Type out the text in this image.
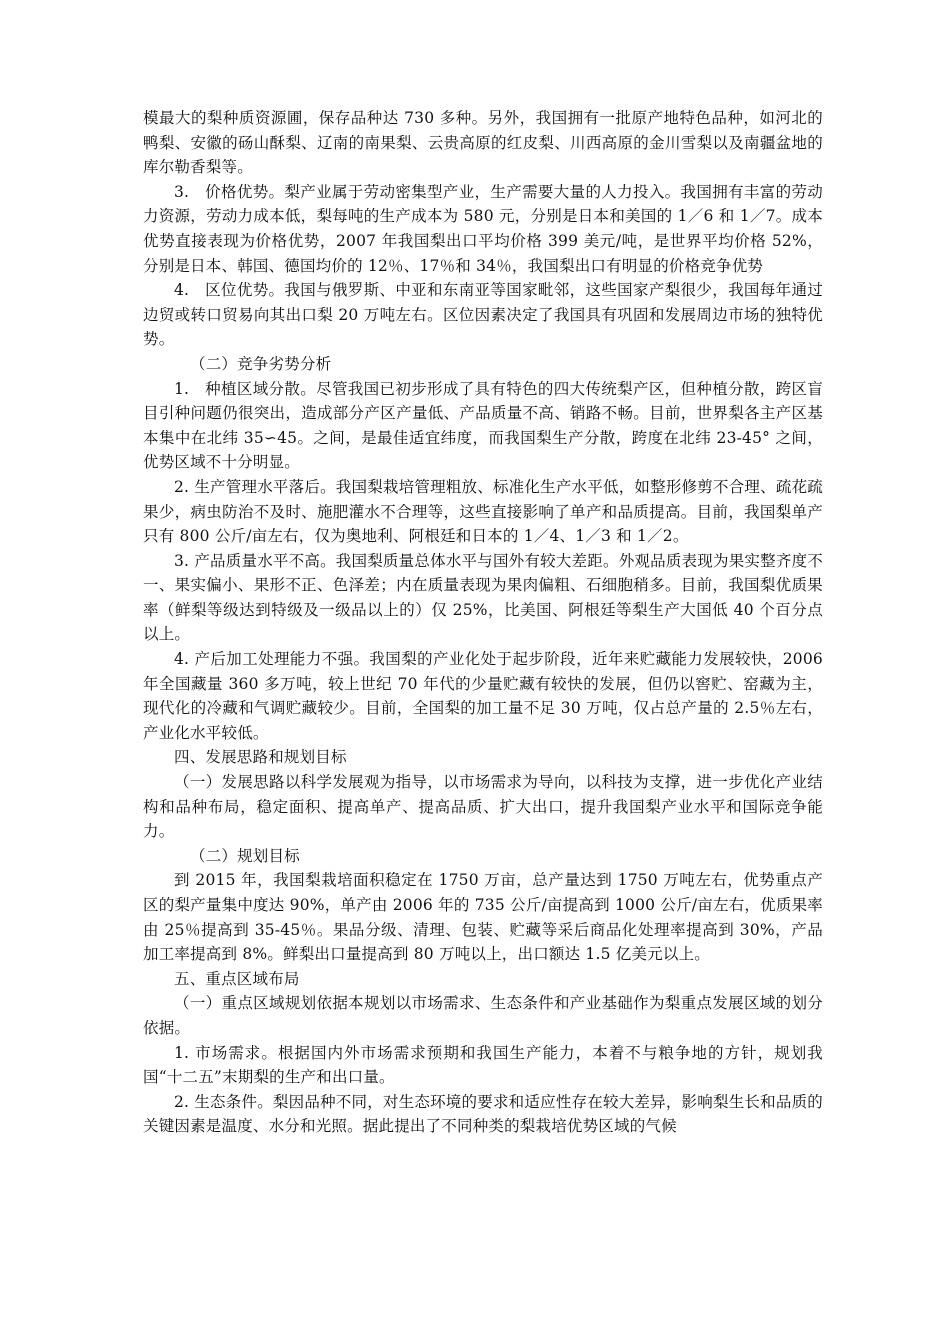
模最大的梨种质资源圃，保存品种达 730 多种。另外，我国拥有一批原产地特色品种，如河北的鸭梨、安徽的砀山酥梨、辽南的南果梨、云贵高原的红皮梨、川西高原的金川雪梨以及南疆盆地的库尔勒香梨等。

3.　价格优势。梨产业属于劳动密集型产业，生产需要大量的人力投入。我国拥有丰富的劳动力资源，劳动力成本低，梨每吨的生产成本为 580 元，分别是日本和美国的 1／6 和 1／7。成本优势直接表现为价格优势，2007 年我国梨出口平均价格 399 美元/吨，是世界平均价格 52%，分别是日本、韩国、德国均价的 12％、17％和 34％，我国梨出口有明显的价格竞争优势

4.　区位优势。我国与俄罗斯、中亚和东南亚等国家毗邻，这些国家产梨很少，我国每年通过边贸或转口贸易向其出口梨 20 万吨左右。区位因素决定了我国具有巩固和发展周边市场的独特优势。

（二）竞争劣势分析

1.　种植区域分散。尽管我国已初步形成了具有特色的四大传统梨产区，但种植分散，跨区盲目引种问题仍很突出，造成部分产区产量低、产品质量不高、销路不畅。目前，世界梨各主产区基本集中在北纬 35∽45。之间，是最佳适宜纬度，而我国梨生产分散，跨度在北纬 23-45° 之间，优势区域不十分明显。

2. 生产管理水平落后。我国梨栽培管理粗放、标准化生产水平低，如整形修剪不合理、疏花疏果少，病虫防治不及时、施肥灌水不合理等，这些直接影响了单产和品质提高。目前，我国梨单产只有 800 公斤/亩左右，仅为奥地利、阿根廷和日本的 1／4、1／3 和 1／2。

3. 产品质量水平不高。我国梨质量总体水平与国外有较大差距。外观品质表现为果实整齐度不一、果实偏小、果形不正、色泽差；内在质量表现为果肉偏粗、石细胞稍多。目前，我国梨优质果率（鲜梨等级达到特级及一级品以上的）仅 25%，比美国、阿根廷等梨生产大国低 40 个百分点以上。

4. 产后加工处理能力不强。我国梨的产业化处于起步阶段，近年来贮藏能力发展较快，2006 年全国藏量 360 多万吨，较上世纪 70 年代的少量贮藏有较快的发展，但仍以窖贮、窑藏为主，现代化的冷藏和气调贮藏较少。目前，全国梨的加工量不足 30 万吨，仅占总产量的 2.5％左右，产业化水平较低。

四、发展思路和规划目标

（一）发展思路以科学发展观为指导，以市场需求为导向，以科技为支撑，进一步优化产业结构和品种布局，稳定面积、提高单产、提高品质、扩大出口，提升我国梨产业水平和国际竞争能力。

（二）规划目标

到 2015 年，我国梨栽培面积稳定在 1750 万亩，总产量达到 1750 万吨左右，优势重点产区的梨产量集中度达 90%，单产由 2006 年的 735 公斤/亩提高到 1000 公斤/亩左右，优质果率由 25％提高到 35-45％。果品分级、清理、包装、贮藏等采后商品化处理率提高到 30%，产品加工率提高到 8%。鲜梨出口量提高到 80 万吨以上，出口额达 1.5 亿美元以上。

五、重点区域布局

（一）重点区域规划依据本规划以市场需求、生态条件和产业基础作为梨重点发展区域的划分依据。

1. 市场需求。根据国内外市场需求预期和我国生产能力，本着不与粮争地的方针，规划我国“十二五”末期梨的生产和出口量。

2. 生态条件。梨因品种不同，对生态环境的要求和适应性存在较大差异，影响梨生长和品质的关键因素是温度、水分和光照。据此提出了不同种类的梨栽培优势区域的气候
